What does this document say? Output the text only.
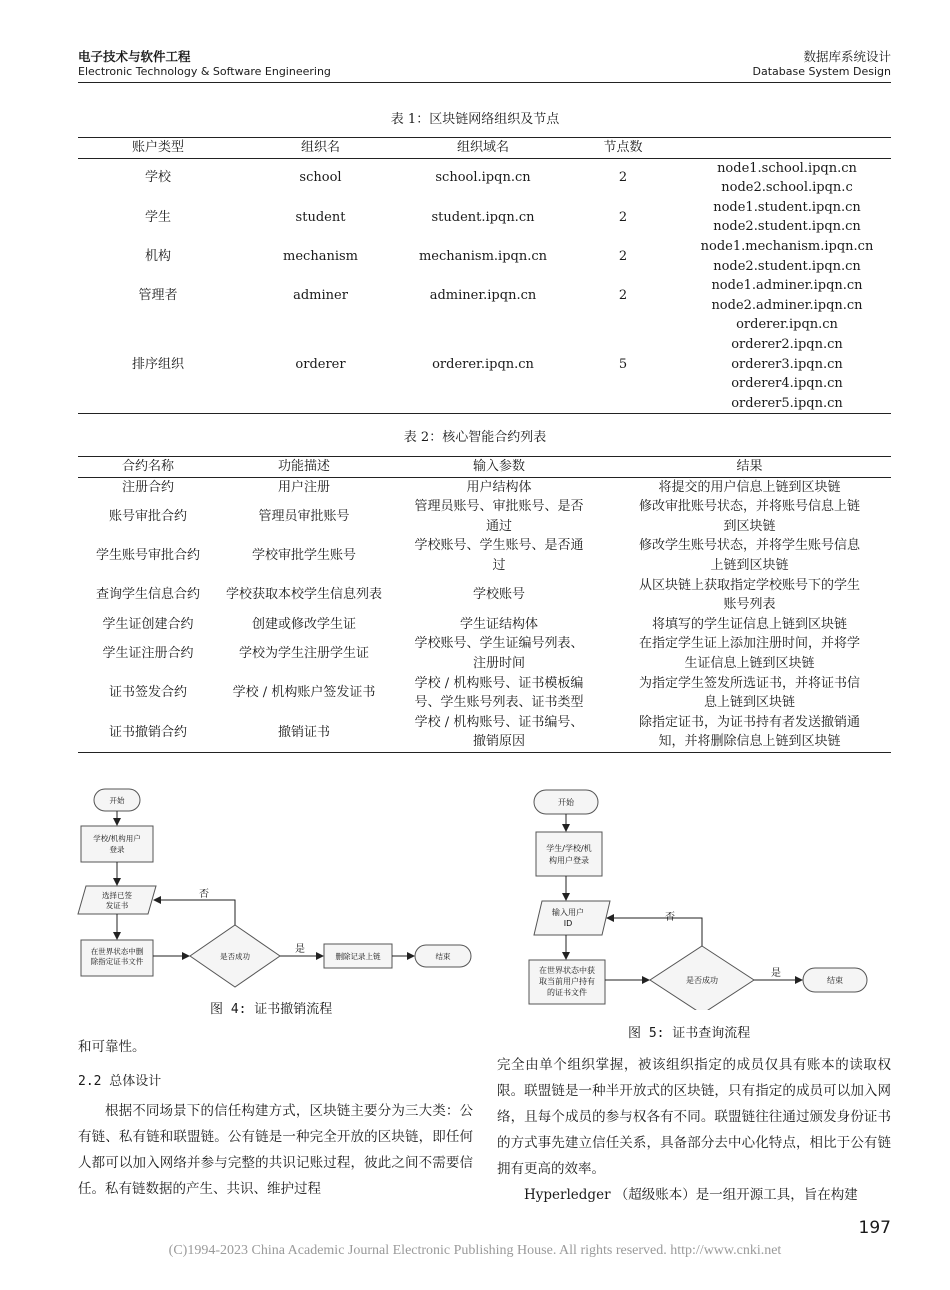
电子技术与软件工程
Electronic Technology & Software Engineering
数据库系统设计
Database System Design
表 1：区块链网络组织及节点
账户类型	组织名	组织域名	节点数	
学校	school	school.ipqn.cn	2	node1.school.ipqn.cn
node2.school.ipqn.c

学生	student	student.ipqn.cn	2	node1.student.ipqn.cn
node2.student.ipqn.cn

机构	mechanism	mechanism.ipqn.cn	2	node1.mechanism.ipqn.cn
node2.student.ipqn.cn

管理者	adminer	adminer.ipqn.cn	2	node1.adminer.ipqn.cn
node2.adminer.ipqn.cn

排序组织	orderer	orderer.ipqn.cn	5	orderer.ipqn.cn
orderer2.ipqn.cn
orderer3.ipqn.cn
orderer4.ipqn.cn
orderer5.ipqn.cn
表 2：核心智能合约列表
合约名称	功能描述	输入参数	结果
注册合约	用户注册	用户结构体	将提交的用户信息上链到区块链

账号审批合约	管理员审批账号	管理员账号、审批账号、是否
通过	修改审批账号状态，并将账号信息上链
到区块链

学生账号审批合约	学校审批学生账号	学校账号、学生账号、是否通
过	修改学生账号状态，并将学生账号信息
上链到区块链

查询学生信息合约	学校获取本校学生信息列表	学校账号	从区块链上获取指定学校账号下的学生
账号列表

学生证创建合约	创建或修改学生证	学生证结构体	将填写的学生证信息上链到区块链

学生证注册合约	学校为学生注册学生证	学校账号、学生证编号列表、
注册时间	在指定学生证上添加注册时间，并将学
生证信息上链到区块链

证书签发合约	学校 / 机构账户签发证书	学校 / 机构账号、证书模板编
号、学生账号列表、证书类型	为指定学生签发所选证书，并将证书信
息上链到区块链

证书撤销合约	撤销证书	学校 / 机构账号、证书编号、
撤销原因	除指定证书，为证书持有者发送撤销通
知，并将删除信息上链到区块链
开始
学校/机构用户
登录
选择已签
发证书
在世界状态中删
除指定证书文件
是否成功	删除记录上链	结束
否
是
图 4: 证书撤销流程
开始
学生/学校/机
构用户登录
输入用户
ID
在世界状态中获
取当前用户持有
的证书文件
是否成功	结束
否
是
图 5: 证书查询流程

和可靠性。

2.2 总体设计

根据不同场景下的信任构建方式，区块链主要分为三大类：公有链、私有链和联盟链。公有链是一种完全开放的区块链，即任何人都可以加入网络并参与完整的共识记账过程，彼此之间不需要信任。私有链数据的产生、共识、维护过程

完全由单个组织掌握，被该组织指定的成员仅具有账本的读取权限。联盟链是一种半开放式的区块链，只有指定的成员可以加入网络，且每个成员的参与权各有不同。联盟链往往通过颁发身份证书的方式事先建立信任关系，具备部分去中心化特点，相比于公有链拥有更高的效率。

Hyperledger （超级账本）是一组开源工具，旨在构建

197
(C)1994-2023 China Academic Journal Electronic Publishing House. All rights reserved. http://www.cnki.net
